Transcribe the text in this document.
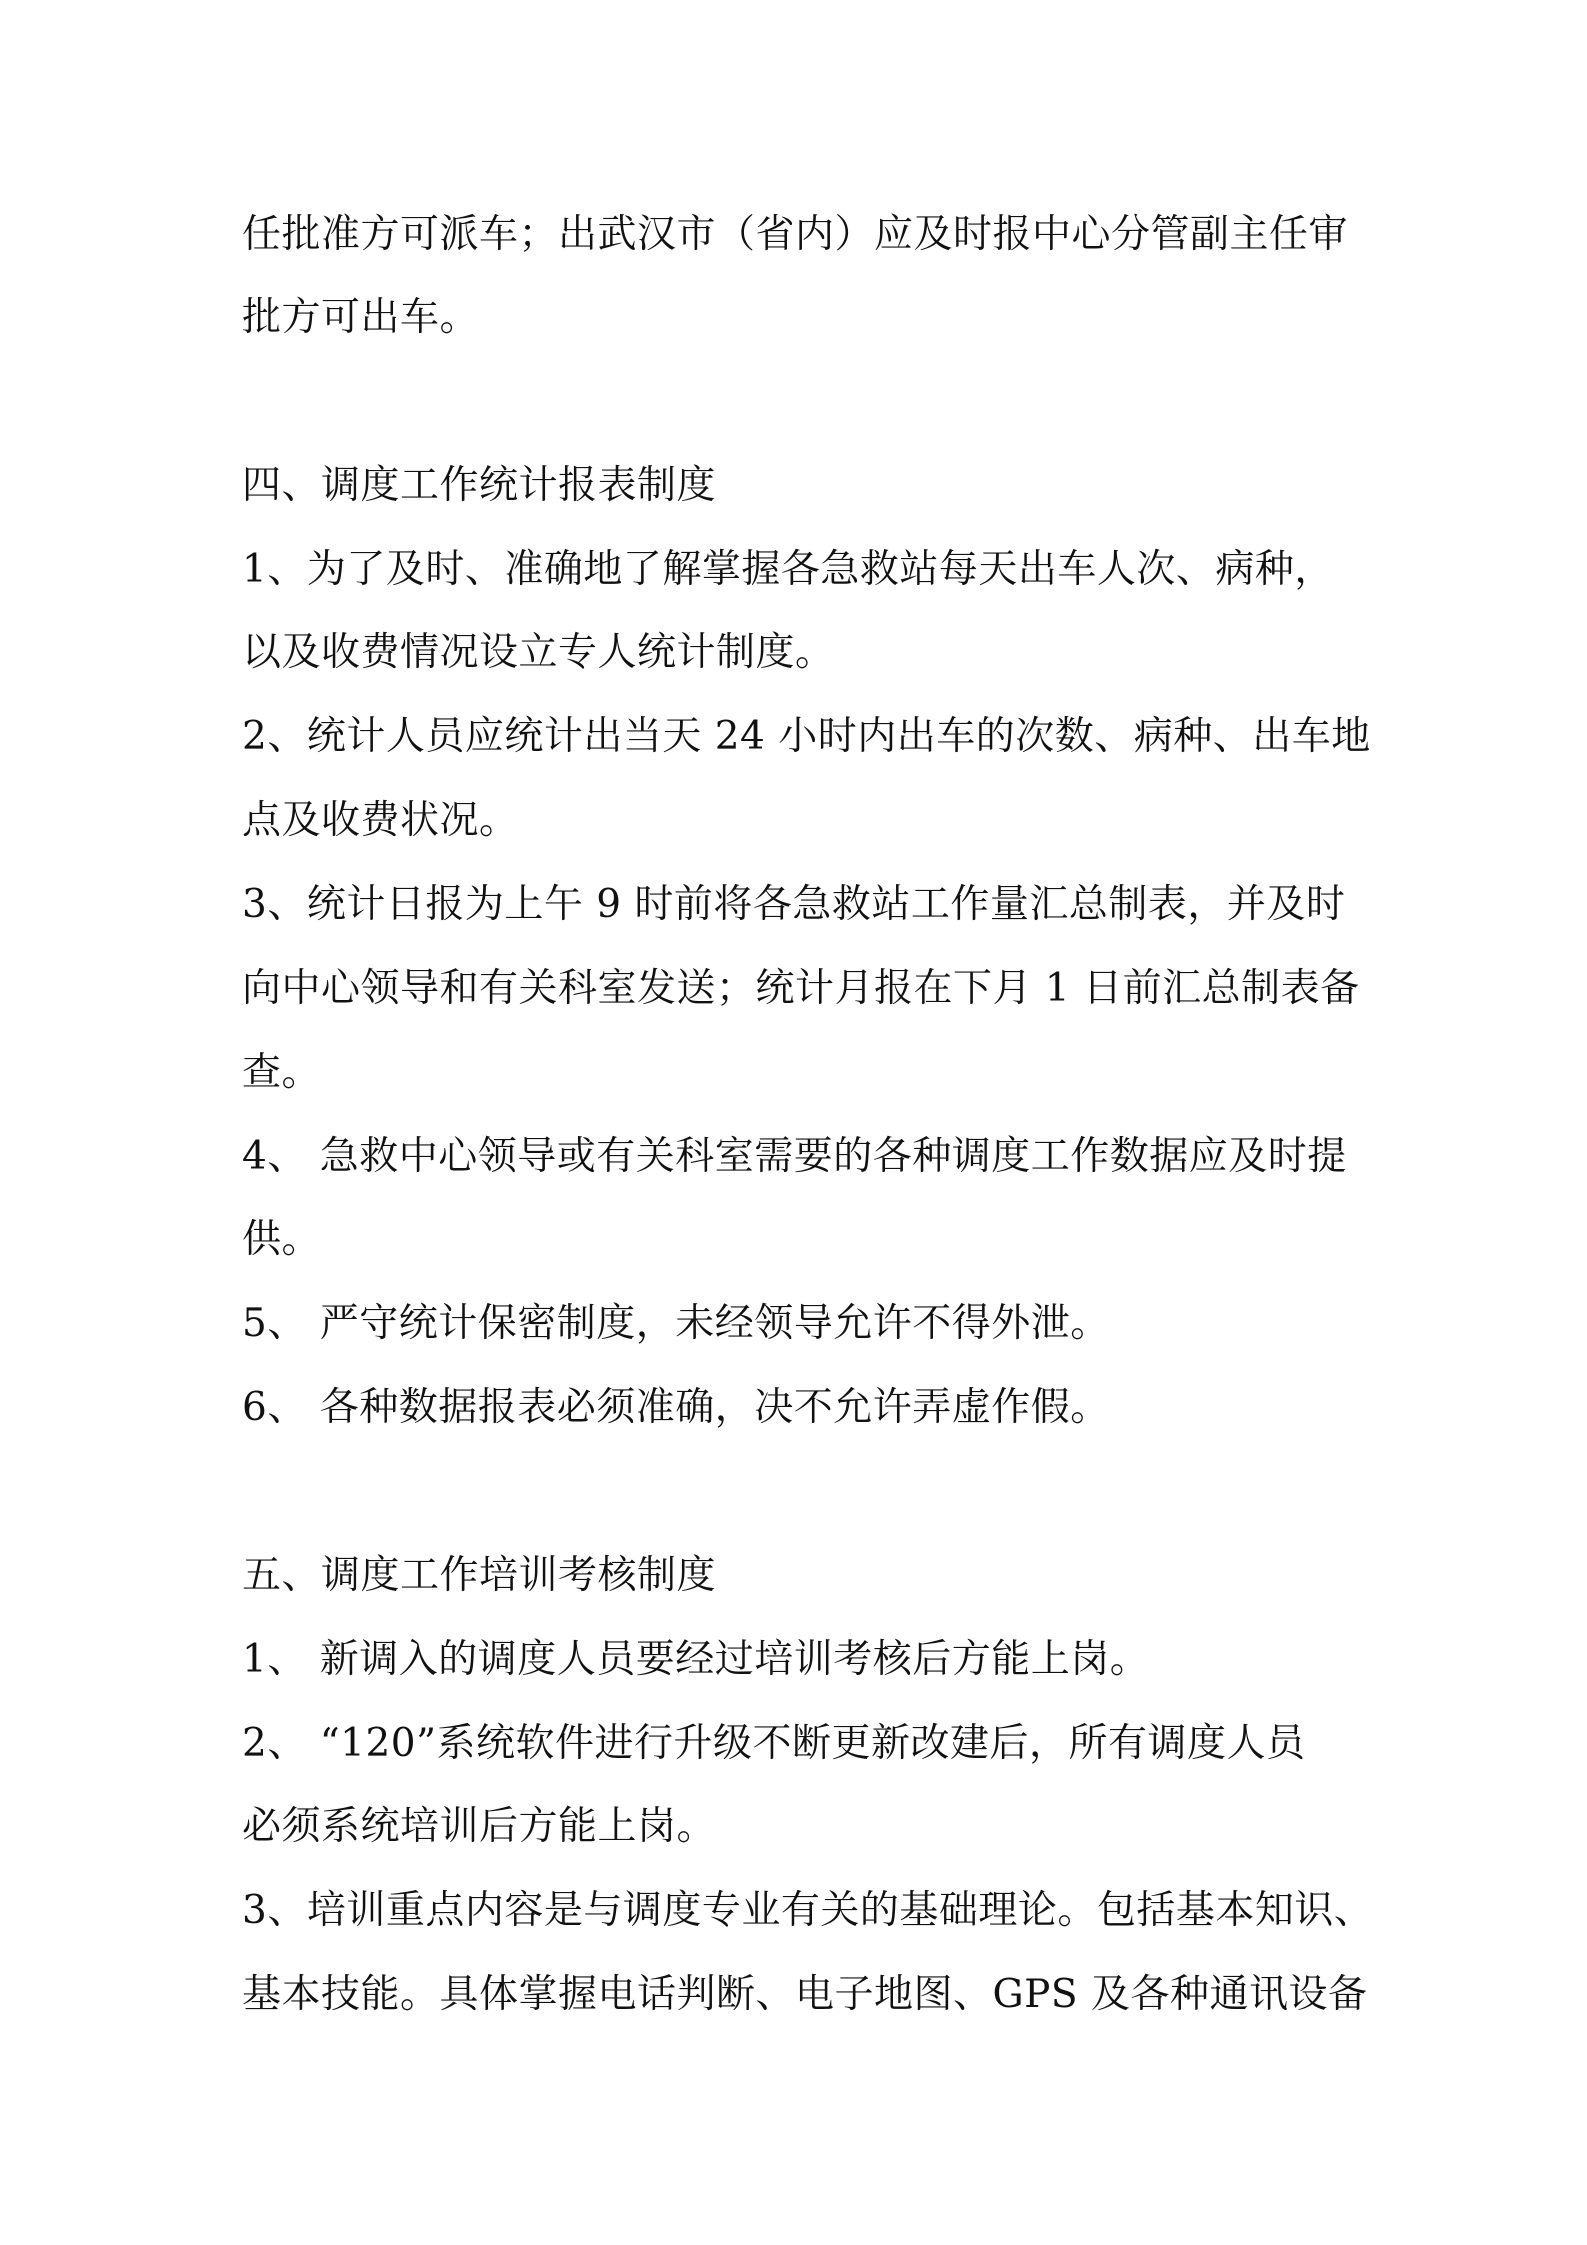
任批准方可派车；出武汉市（省内）应及时报中心分管副主任审
批方可出车。
四、调度工作统计报表制度
1、为了及时、准确地了解掌握各急救站每天出车人次、病种，
以及收费情况设立专人统计制度。
2、统计人员应统计出当天 24 小时内出车的次数、病种、出车地
点及收费状况。
3、统计日报为上午 9 时前将各急救站工作量汇总制表，并及时
向中心领导和有关科室发送；统计月报在下月 1 日前汇总制表备
查。
4、 急救中心领导或有关科室需要的各种调度工作数据应及时提
供。
5、 严守统计保密制度，未经领导允许不得外泄。
6、 各种数据报表必须准确，决不允许弄虚作假。
五、调度工作培训考核制度
1、 新调入的调度人员要经过培训考核后方能上岗。
2、 “120”系统软件进行升级不断更新改建后，所有调度人员
必须系统培训后方能上岗。
3、培训重点内容是与调度专业有关的基础理论。包括基本知识、
基本技能。具体掌握电话判断、电子地图、GPS 及各种通讯设备
